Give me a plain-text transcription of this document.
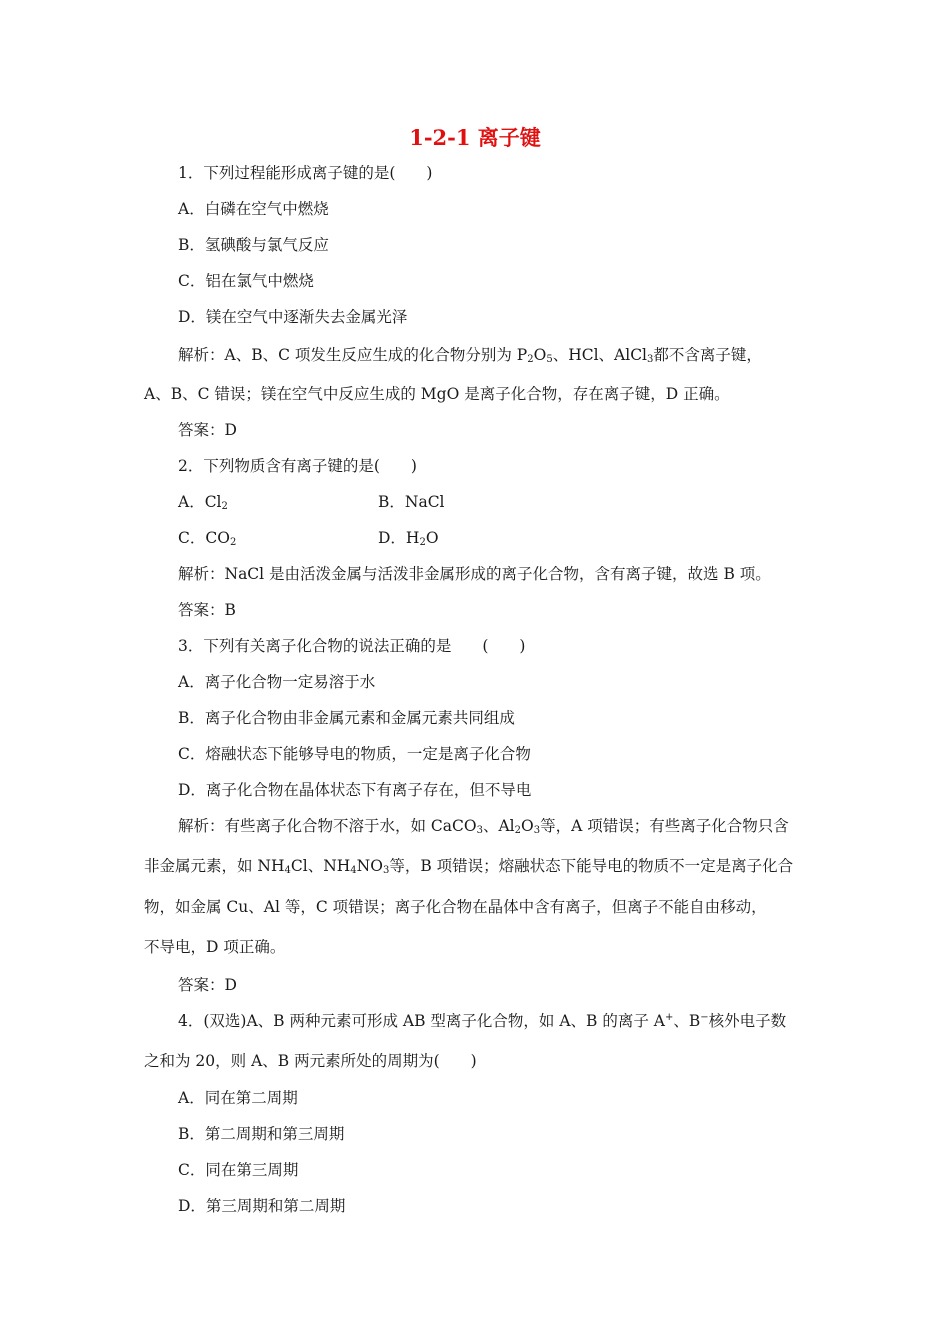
1-2-1 离子键
1．下列过程能形成离子键的是(　　)
A．白磷在空气中燃烧
B．氢碘酸与氯气反应
C．铝在氯气中燃烧
D．镁在空气中逐渐失去金属光泽
解析：A、B、C 项发生反应生成的化合物分别为 $P_2O_5$、HCl、AlCl$_3$都不含离子键，
A、B、C 错误；镁在空气中反应生成的 MgO 是离子化合物，存在离子键，D 正确。
答案：D
2．下列物质含有离子键的是(　　)
A．$Cl_2$	B．NaCl
C．$CO_2$	D．$H_2O$
解析：NaCl 是由活泼金属与活泼非金属形成的离子化合物，含有离子键，故选 B 项。
答案：B
3．下列有关离子化合物的说法正确的是　　(　　)
A．离子化合物一定易溶于水
B．离子化合物由非金属元素和金属元素共同组成
C．熔融状态下能够导电的物质，一定是离子化合物
D．离子化合物在晶体状态下有离子存在，但不导电
解析：有些离子化合物不溶于水，如 CaCO$_3$、$Al_2O_3$等，A 项错误；有些离子化合物只含
非金属元素，如 $NH_4Cl$、$NH_4NO_3$等，B 项错误；熔融状态下能导电的物质不一定是离子化合
物，如金属 Cu、Al 等，C 项错误；离子化合物在晶体中含有离子，但离子不能自由移动，
不导电，D 项正确。
答案：D
4．(双选)A、B 两种元素可形成 AB 型离子化合物，如 A、B 的离子 A+、B−核外电子数
之和为 20，则 A、B 两元素所处的周期为(　　)
A．同在第二周期
B．第二周期和第三周期
C．同在第三周期
D．第三周期和第二周期
